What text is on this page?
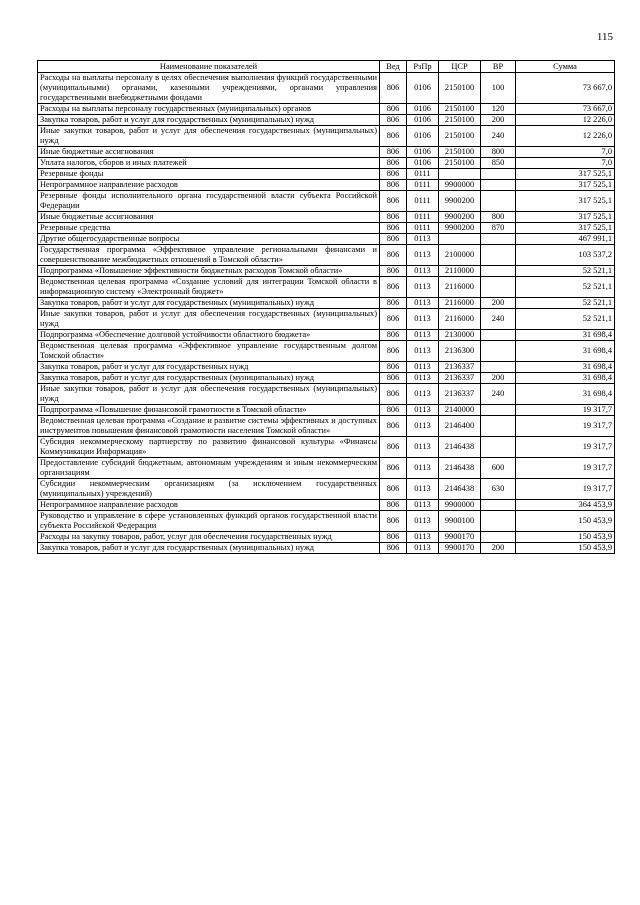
115
Наименование показателей	Вед	РзПр	ЦСР	ВР	Сумма
Расходы на выплаты персоналу в целях обеспечения выполнения функций государственными (муниципальными) органами, казенными учреждениями, органами управления государственными внебюджетными фондами	806	0106	2150100	100	73 667,0
Расходы на выплаты персоналу государственных (муниципальных) органов	806	0106	2150100	120	73 667,0
Закупка товаров, работ и услуг для государственных (муниципальных) нужд	806	0106	2150100	200	12 226,0
Иные закупки товаров, работ и услуг для обеспечения государственных (муниципальных) нужд	806	0106	2150100	240	12 226,0
Иные бюджетные ассигнования	806	0106	2150100	800	7,0
Уплата налогов, сборов и иных платежей	806	0106	2150100	850	7,0
Резервные фонды	806	0111			317 525,1
Непрограммное направление расходов	806	0111	9900000		317 525,1
Резервные фонды исполнительного органа государственной власти субъекта Российской Федерации	806	0111	9900200		317 525,1
Иные бюджетные ассигнования	806	0111	9900200	800	317 525,1
Резервные средства	806	0111	9900200	870	317 525,1
Другие общегосударственные вопросы	806	0113			467 991,1
Государственная программа «Эффективное управление региональными финансами и совершенствование межбюджетных отношений в Томской области»	806	0113	2100000		103 537,2
Подпрограмма «Повышение эффективности бюджетных расходов Томской области»	806	0113	2110000		52 521,1
Ведомственная целевая программа «Создание условий для интеграции Томской области в информационную систему «Электронный бюджет»	806	0113	2116000		52 521,1
Закупка товаров, работ и услуг для государственных (муниципальных) нужд	806	0113	2116000	200	52 521,1
Иные закупки товаров, работ и услуг для обеспечения государственных (муниципальных) нужд	806	0113	2116000	240	52 521,1
Подпрограмма «Обеспечение долговой устойчивости областного бюджета»	806	0113	2130000		31 698,4
Ведомственная целевая программа «Эффективное управление государственным долгом Томской области»	806	0113	2136300		31 698,4
Закупка товаров, работ и услуг для государственных нужд	806	0113	2136337		31 698,4
Закупка товаров, работ и услуг для государственных (муниципальных) нужд	806	0113	2136337	200	31 698,4
Иные закупки товаров, работ и услуг для обеспечения государственных (муниципальных) нужд	806	0113	2136337	240	31 698,4
Подпрограмма «Повышение финансовой грамотности в Томской области»	806	0113	2140000		19 317,7
Ведомственная целевая программа «Создание и развитие системы эффективных и доступных инструментов повышения финансовой грамотности населения Томской области»	806	0113	2146400		19 317,7
Субсидия некоммерческому партнерству по развитию финансовой культуры «Финансы Коммуникации Информация»	806	0113	2146438		19 317,7
Предоставление субсидий бюджетным, автономным учреждениям и иным некоммерческим организациям	806	0113	2146438	600	19 317,7
Субсидии некоммерческим организациям (за исключением государственных (муниципальных) учреждений)	806	0113	2146438	630	19 317,7
Непрограммное направление расходов	806	0113	9900000		364 453,9
Руководство и управление в сфере установленных функций органов государственной власти субъекта Российской Федерации	806	0113	9900100		150 453,9
Расходы на закупку товаров, работ, услуг для обеспечения государственных нужд	806	0113	9900170		150 453,9
Закупка товаров, работ и услуг для государственных (муниципальных) нужд	806	0113	9900170	200	150 453,9
